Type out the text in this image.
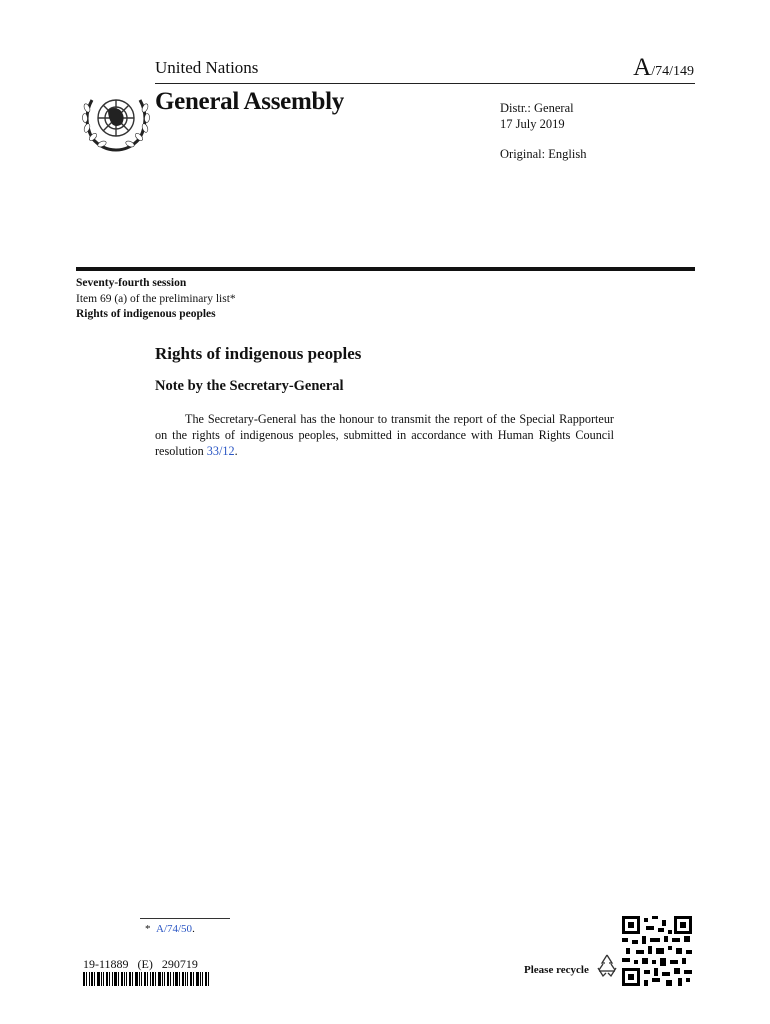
United Nations	A/74/149
General Assembly	Distr.: General
17 July 2019
Original: English
Seventy-fourth session
Item 69 (a) of the preliminary list*
Rights of indigenous peoples
Rights of indigenous peoples
Note by the Secretary-General
The Secretary-General has the honour to transmit the report of the Special Rapporteur on the rights of indigenous peoples, submitted in accordance with Human Rights Council resolution 33/12.
* A/74/50.
19-11889 (E) 290719	Please recycle
